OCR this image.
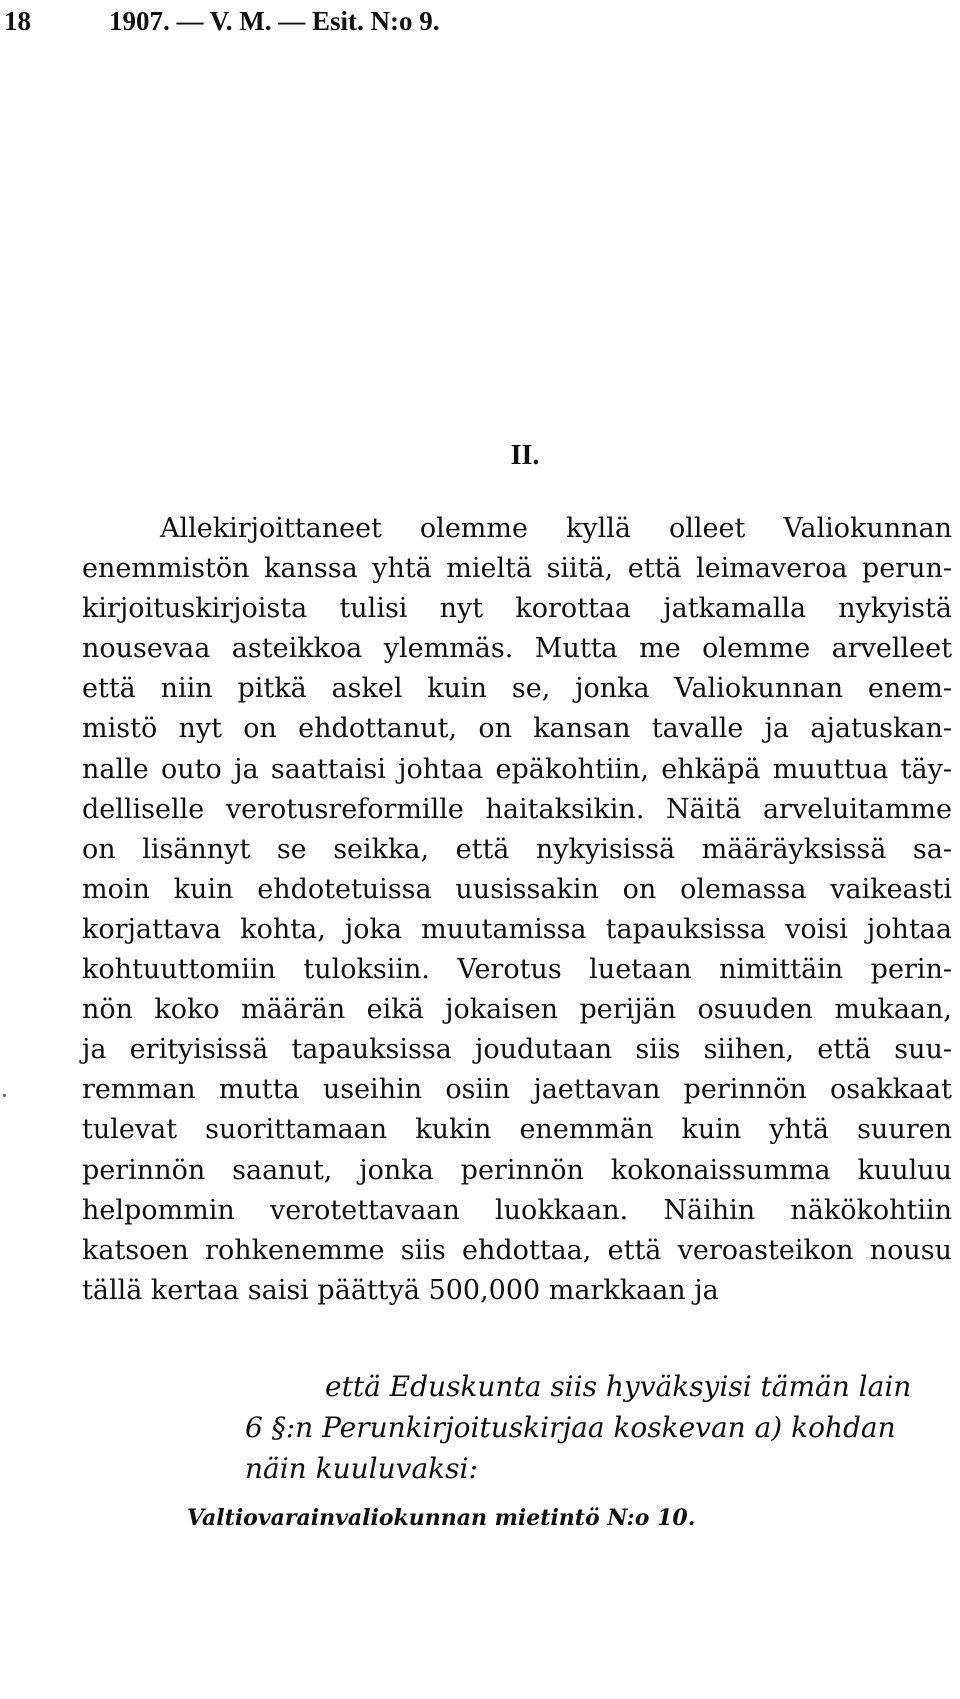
18	1907. — V. M. — Esit. N:o 9.
II.
Allekirjoittaneet olemme kyllä olleet Valiokunnan
enemmistön kanssa yhtä mieltä siitä, että leimaveroa perun-
kirjoituskirjoista tulisi nyt korottaa jatkamalla nykyistä
nousevaa asteikkoa ylemmäs. Mutta me olemme arvelleet
että niin pitkä askel kuin se, jonka Valiokunnan enem-
mistö nyt on ehdottanut, on kansan tavalle ja ajatuskan-
nalle outo ja saattaisi johtaa epäkohtiin, ehkäpä muuttua täy-
delliselle verotusreformille haitaksikin. Näitä arveluitamme
on lisännyt se seikka, että nykyisissä määräyksissä sa-
moin kuin ehdotetuissa uusissakin on olemassa vaikeasti
korjattava kohta, joka muutamissa tapauksissa voisi johtaa
kohtuuttomiin tuloksiin. Verotus luetaan nimittäin perin-
nön koko määrän eikä jokaisen perijän osuuden mukaan,
ja erityisissä tapauksissa joudutaan siis siihen, että suu-
remman mutta useihin osiin jaettavan perinnön osakkaat
tulevat suorittamaan kukin enemmän kuin yhtä suuren
perinnön saanut, jonka perinnön kokonaissumma kuuluu
helpommin verotettavaan luokkaan. Näihin näkökohtiin
katsoen rohkenemme siis ehdottaa, että veroasteikon nousu
tällä kertaa saisi päättyä 500,000 markkaan ja
että Eduskunta siis hyväksyisi tämän lain
6 §:n Perunkirjoituskirjaa koskevan a) kohdan
näin kuuluvaksi:
Valtiovarainvaliokunnan mietintö N:o 10.
